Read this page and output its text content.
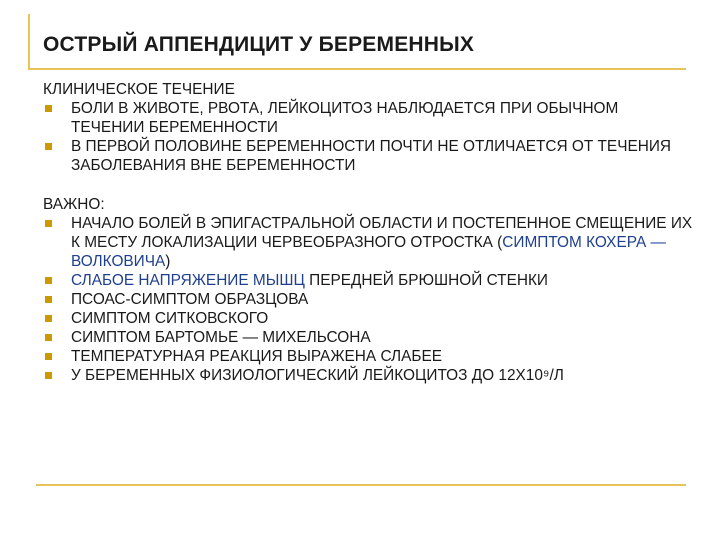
ОСТРЫЙ АППЕНДИЦИТ У БЕРЕМЕННЫХ

КЛИНИЧЕСКОЕ ТЕЧЕНИЕ

БОЛИ В ЖИВОТЕ, РВОТА, ЛЕЙКОЦИТОЗ НАБЛЮДАЕТСЯ ПРИ ОБЫЧНОМ ТЕЧЕНИИ БЕРЕМЕННОСТИ
В ПЕРВОЙ ПОЛОВИНЕ БЕРЕМЕННОСТИ ПОЧТИ НЕ ОТЛИЧАЕТСЯ ОТ ТЕЧЕНИЯ ЗАБОЛЕВАНИЯ ВНЕ БЕРЕМЕННОСТИ

ВАЖНО:

НАЧАЛО БОЛЕЙ В ЭПИГАСТРАЛЬНОЙ ОБЛАСТИ И ПОСТЕПЕННОЕ СМЕЩЕНИЕ ИХ К МЕСТУ ЛОКАЛИЗАЦИИ ЧЕРВЕОБРАЗНОГО ОТРОСТКА (СИМПТОМ КОХЕРА — ВОЛКОВИЧА)
СЛАБОЕ НАПРЯЖЕНИЕ МЫШЦ ПЕРЕДНЕЙ БРЮШНОЙ СТЕНКИ
ПСОАС-СИМПТОМ ОБРАЗЦОВА
СИМПТОМ СИТКОВСКОГО
СИМПТОМ БАРТОМЬЕ — МИХЕЛЬСОНА
ТЕМПЕРАТУРНАЯ РЕАКЦИЯ ВЫРАЖЕНА СЛАБЕЕ
У БЕРЕМЕННЫХ ФИЗИОЛОГИЧЕСКИЙ ЛЕЙКОЦИТОЗ ДО 12Х10⁹/Л
